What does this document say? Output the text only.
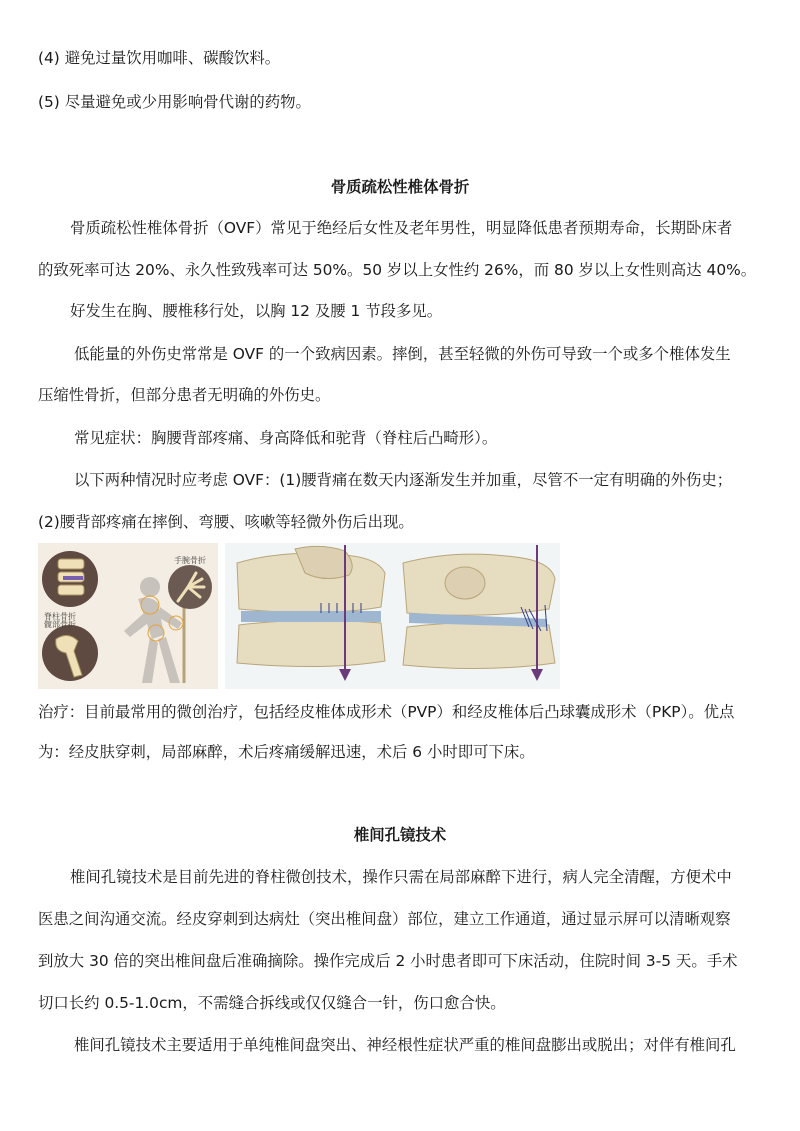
(4) 避免过量饮用咖啡、碳酸饮料。
(5) 尽量避免或少用影响骨代谢的药物。
骨质疏松性椎体骨折
骨质疏松性椎体骨折（OVF）常见于绝经后女性及老年男性，明显降低患者预期寿命，长期卧床者
的致死率可达 20%、永久性致残率可达 50%。50 岁以上女性约 26%，而 80 岁以上女性则高达 40%。
好发生在胸、腰椎移行处，以胸 12 及腰 1 节段多见。
低能量的外伤史常常是 OVF 的一个致病因素。摔倒，甚至轻微的外伤可导致一个或多个椎体发生
压缩性骨折，但部分患者无明确的外伤史。
常见症状：胸腰背部疼痛、身高降低和驼背（脊柱后凸畸形）。
以下两种情况时应考虑 OVF：(1)腰背痛在数天内逐渐发生并加重，尽管不一定有明确的外伤史；
(2)腰背部疼痛在摔倒、弯腰、咳嗽等轻微外伤后出现。
脊柱骨折
髋部骨折
手腕骨折
治疗：目前最常用的微创治疗，包括经皮椎体成形术（PVP）和经皮椎体后凸球囊成形术（PKP）。优点
为：经皮肤穿刺，局部麻醉，术后疼痛缓解迅速，术后 6 小时即可下床。
椎间孔镜技术
椎间孔镜技术是目前先进的脊柱微创技术，操作只需在局部麻醉下进行，病人完全清醒，方便术中
医患之间沟通交流。经皮穿刺到达病灶（突出椎间盘）部位，建立工作通道，通过显示屏可以清晰观察
到放大 30 倍的突出椎间盘后准确摘除。操作完成后 2 小时患者即可下床活动，住院时间 3-5 天。手术
切口长约 0.5-1.0cm，不需缝合拆线或仅仅缝合一针，伤口愈合快。
椎间孔镜技术主要适用于单纯椎间盘突出、神经根性症状严重的椎间盘膨出或脱出；对伴有椎间孔
